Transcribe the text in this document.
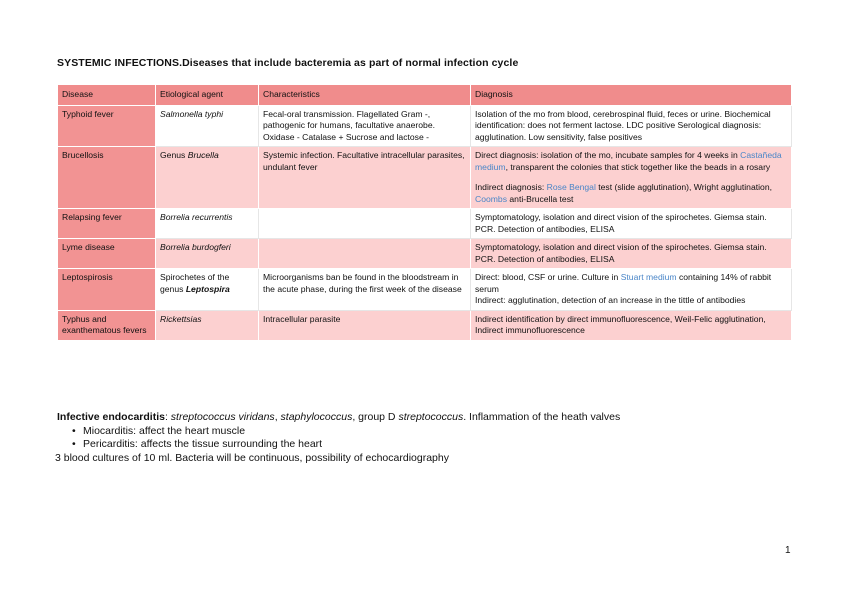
SYSTEMIC INFECTIONS.Diseases that include bacteremia as part of normal infection cycle
Disease	Etiological agent	Characteristics	Diagnosis
Typhoid fever	Salmonella typhi	Fecal-oral transmission. Flagellated Gram -, pathogenic for humans, facultative anaerobe. Oxidase - Catalase + Sucrose and lactose -	Isolation of the mo from blood, cerebrospinal fluid, feces or urine. Biochemical identification: does not ferment lactose. LDC positive Serological diagnosis: agglutination. Low sensitivity, false positives
Brucellosis	Genus Brucella	Systemic infection. Facultative intracellular parasites, undulant fever	Direct diagnosis: isolation of the mo, incubate samples for 4 weeks in Castañeda medium, transparent the colonies that stick together like the beads in a rosary
Indirect diagnosis: Rose Bengal test (slide agglutination), Wright agglutination, Coombs anti-Brucella test

Relapsing fever	Borrelia recurrentis		Symptomatology, isolation and direct vision of the spirochetes. Giemsa stain. PCR. Detection of antibodies, ELISA
Lyme disease	Borrelia burdogferi		Symptomatology, isolation and direct vision of the spirochetes. Giemsa stain. PCR. Detection of antibodies, ELISA
Leptospirosis	Spirochetes of the genus Leptospira	Microorganisms ban be found in the bloodstream in the acute phase, during the first week of the disease	Direct: blood, CSF or urine. Culture in Stuart medium containing 14% of rabbit serum
Indirect: agglutination, detection of an increase in the tittle of antibodies

Typhus and exanthematous fevers	Rickettsias	Intracellular parasite	Indirect identification by direct immunofluorescence, Weil-Felic agglutination, Indirect immunofluorescence
Infective endocarditis: streptococcus viridans, staphylococcus, group D streptococcus. Inflammation of the heath valves
• Miocarditis: affect the heart muscle
• Pericarditis: affects the tissue surrounding the heart
3 blood cultures of 10 ml. Bacteria will be continuous, possibility of echocardiography
1
